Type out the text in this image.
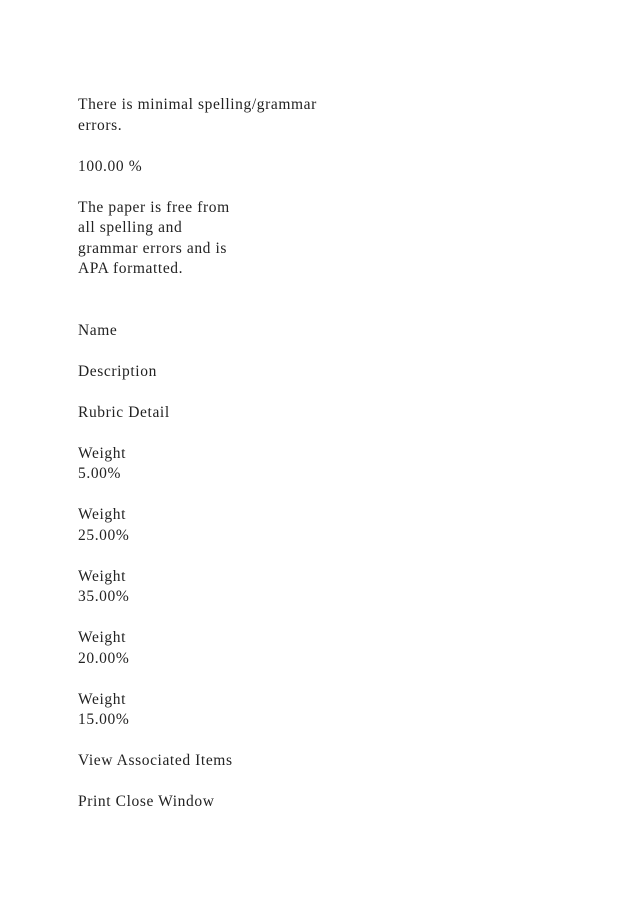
There is minimal spelling/grammar
errors.
100.00 %
The paper is free from
all spelling and
grammar errors and is
APA formatted.
Name
Description
Rubric Detail
Weight
5.00%
Weight
25.00%
Weight
35.00%
Weight
20.00%
Weight
15.00%
View Associated Items
Print Close Window
